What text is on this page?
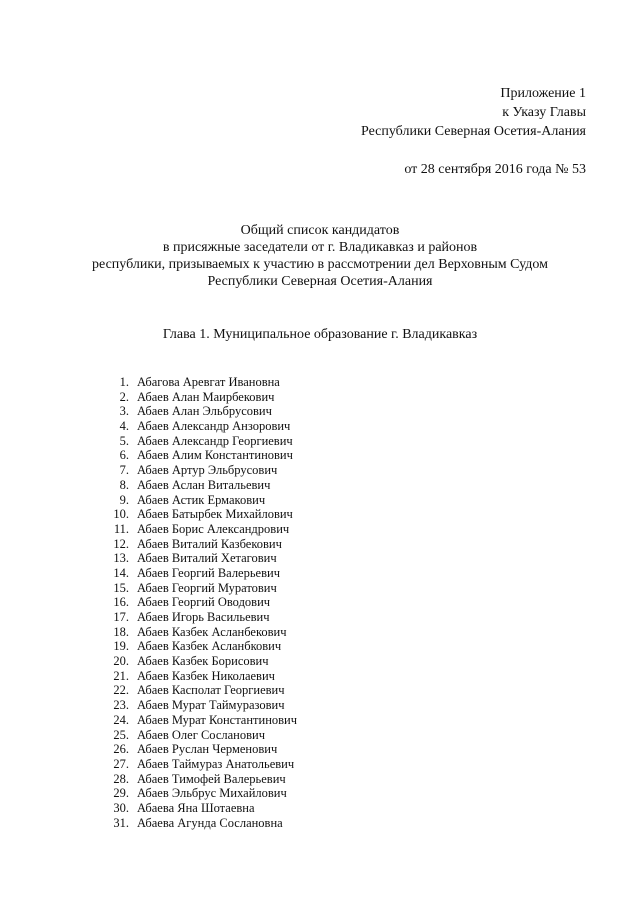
Приложение 1
к Указу Главы
Республики Северная Осетия-Алания
от 28 сентября 2016 года № 53
Общий список кандидатов
в присяжные заседатели от г. Владикавказ и районов
республики, призываемых к участию в рассмотрении дел Верховным Судом
Республики Северная Осетия-Алания
Глава 1. Муниципальное образование г. Владикавказ
1. Абагова Аревгат Ивановна
2. Абаев Алан Маирбекович
3. Абаев Алан Эльбрусович
4. Абаев Александр Анзорович
5. Абаев Александр Георгиевич
6. Абаев Алим Константинович
7. Абаев Артур Эльбрусович
8. Абаев Аслан Витальевич
9. Абаев Астик Ермакович
10. Абаев Батырбек Михайлович
11. Абаев Борис Александрович
12. Абаев Виталий Казбекович
13. Абаев Виталий Хетагович
14. Абаев Георгий Валерьевич
15. Абаев Георгий Муратович
16. Абаев Георгий Оводович
17. Абаев Игорь Васильевич
18. Абаев Казбек Асланбекович
19. Абаев Казбек Асланбкович
20. Абаев Казбек Борисович
21. Абаев Казбек Николаевич
22. Абаев Касполат Георгиевич
23. Абаев Мурат Таймуразович
24. Абаев Мурат Константинович
25. Абаев Олег Сосланович
26. Абаев Руслан Черменович
27. Абаев Таймураз Анатольевич
28. Абаев Тимофей Валерьевич
29. Абаев Эльбрус Михайлович
30. Абаева Яна Шотаевна
31. Абаева Агунда Сослановна
